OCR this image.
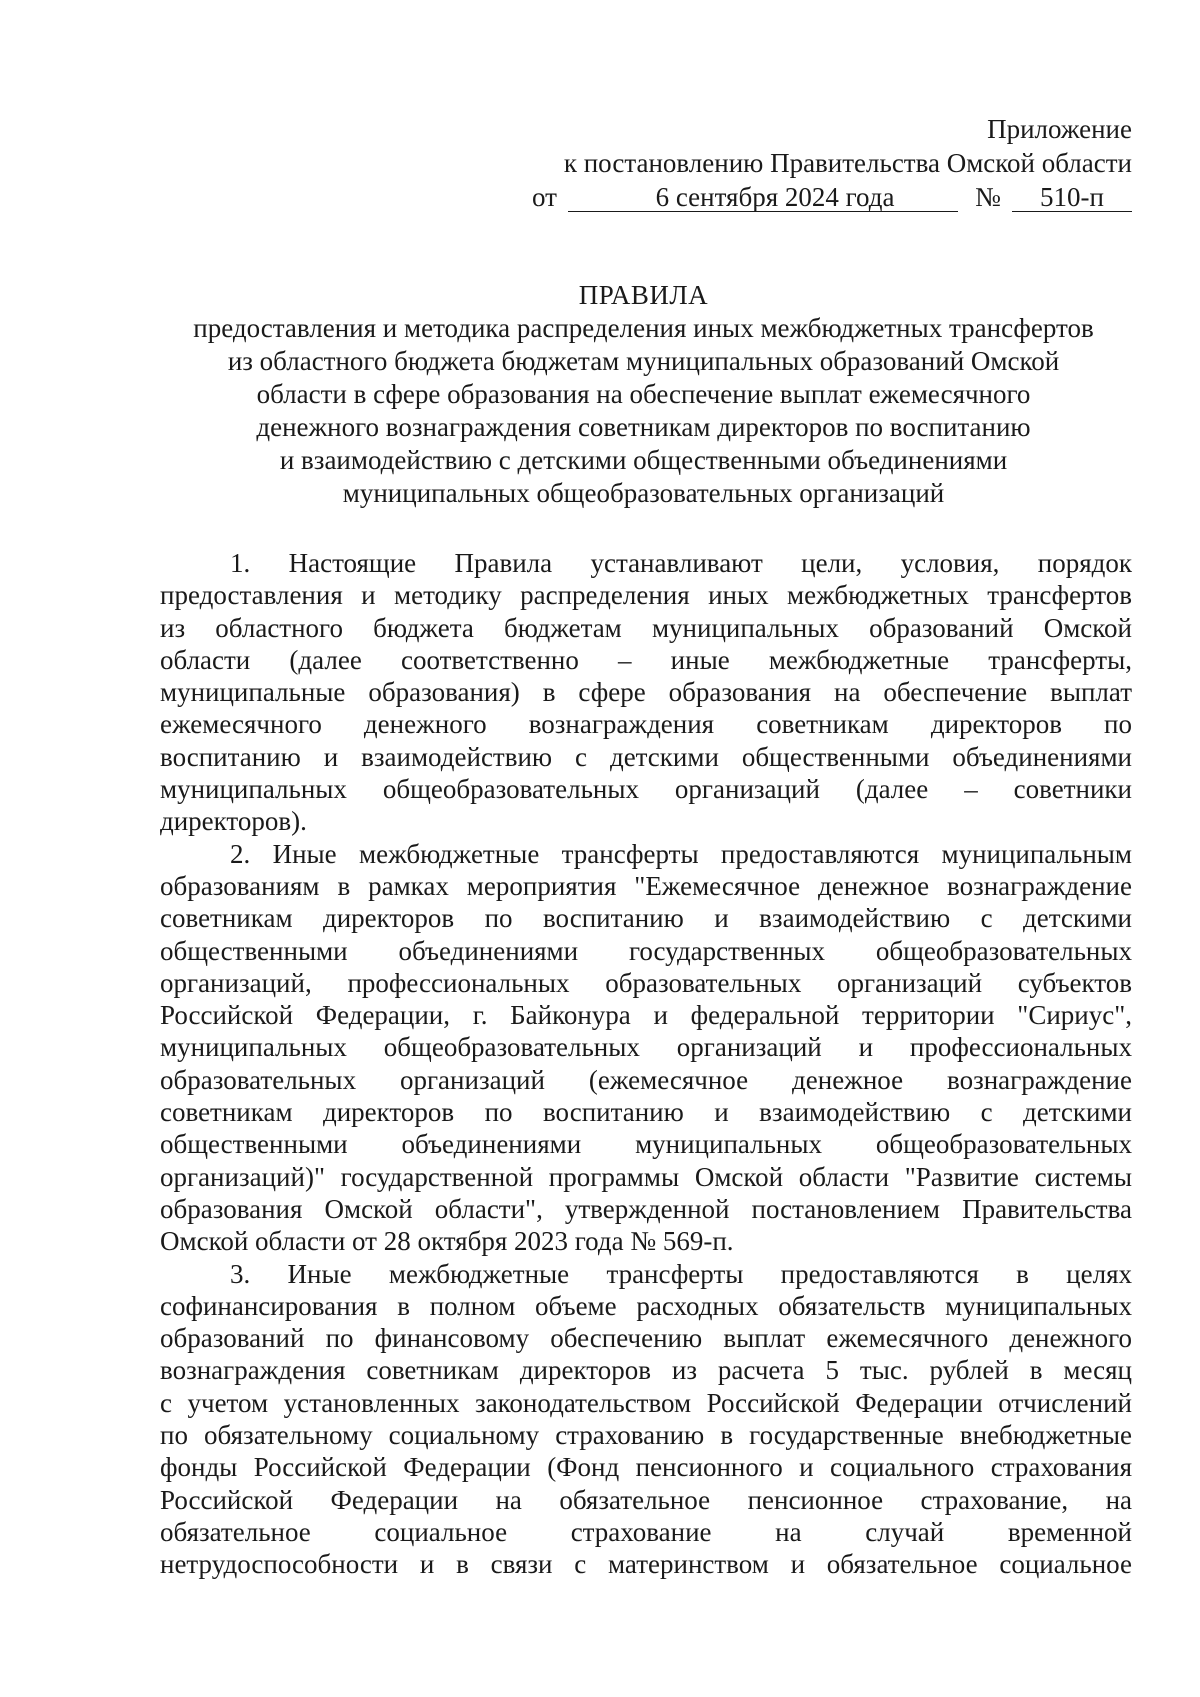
Приложение
к постановлению Правительства Омской области
от	6 сентября 2024 года	№	510-п
ПРАВИЛА
предоставления и методика распределения иных межбюджетных трансфертов
из областного бюджета бюджетам муниципальных образований Омской
области в сфере образования на обеспечение выплат ежемесячного
денежного вознаграждения советникам директоров по воспитанию
и взаимодействию с детскими общественными объединениями
муниципальных общеобразовательных организаций
1. Настоящие Правила устанавливают цели, условия, порядок
предоставления и методику распределения иных межбюджетных трансфертов
из областного бюджета бюджетам муниципальных образований Омской
области (далее соответственно – иные межбюджетные трансферты,
муниципальные образования) в сфере образования на обеспечение выплат
ежемесячного денежного вознаграждения советникам директоров по
воспитанию и взаимодействию с детскими общественными объединениями
муниципальных общеобразовательных организаций (далее – советники
директоров).
2. Иные межбюджетные трансферты предоставляются муниципальным
образованиям в рамках мероприятия "Ежемесячное денежное вознаграждение
советникам директоров по воспитанию и взаимодействию с детскими
общественными объединениями государственных общеобразовательных
организаций, профессиональных образовательных организаций субъектов
Российской Федерации, г. Байконура и федеральной территории "Сириус",
муниципальных общеобразовательных организаций и профессиональных
образовательных организаций (ежемесячное денежное вознаграждение
советникам директоров по воспитанию и взаимодействию с детскими
общественными объединениями муниципальных общеобразовательных
организаций)" государственной программы Омской области "Развитие системы
образования Омской области", утвержденной постановлением Правительства
Омской области от 28 октября 2023 года № 569-п.
3. Иные межбюджетные трансферты предоставляются в целях
софинансирования в полном объеме расходных обязательств муниципальных
образований по финансовому обеспечению выплат ежемесячного денежного
вознаграждения советникам директоров из расчета 5 тыс. рублей в месяц
с учетом установленных законодательством Российской Федерации отчислений
по обязательному социальному страхованию в государственные внебюджетные
фонды Российской Федерации (Фонд пенсионного и социального страхования
Российской Федерации на обязательное пенсионное страхование, на
обязательное социальное страхование на случай временной
нетрудоспособности и в связи с материнством и обязательное социальное
